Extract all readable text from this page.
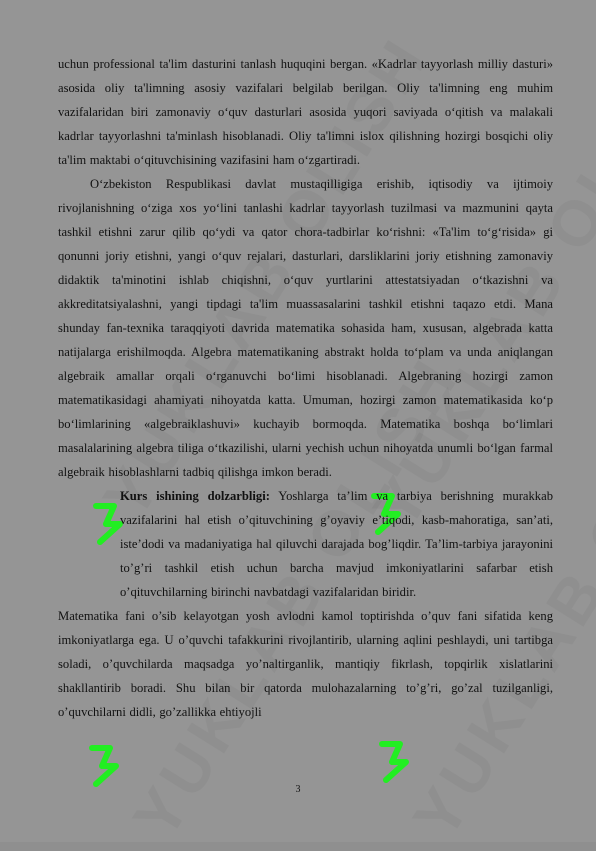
uchun professional ta'lim dasturini tanlash huquqini bergan. «Kadrlar tayyorlash milliy dasturi» asosida oliy ta'limning asosiy vazifalari belgilab berilgan. Oliy ta'limning eng muhim vazifalaridan biri zamonaviy o‘quv dasturlari asosida yuqori saviyada o‘qitish va malakali kadrlar tayyorlashni ta'minlash hisoblanadi. Oliy ta'limni islox qilishning hozirgi bosqichi oliy ta'lim maktabi o‘qituvchisining vazifasini ham o‘zgartiradi.

O‘zbekiston Respublikasi davlat mustaqilligiga erishib, iqtisodiy va ijtimoiy rivojlanishning o‘ziga xos yo‘lini tanlashi kadrlar tayyorlash tuzilmasi va mazmunini qayta tashkil etishni zarur qilib qo‘ydi va qator chora-tadbirlar ko‘rishni: «Ta'lim to‘g‘risida» gi qonunni joriy etishni, yangi o‘quv rejalari, dasturlari, darsliklarini joriy etishning zamonaviy didaktik ta'minotini ishlab chiqishni, o‘quv yurtlarini attestatsiyadan o‘tkazishni va akkreditatsiyalashni, yangi tipdagi ta'lim muassasalarini tashkil etishni taqazo etdi. Mana shunday fan-texnika taraqqiyoti davrida matematika sohasida ham, xususan, algebrada katta natijalarga erishilmoqda. Algebra matematikaning abstrakt holda to‘plam va unda aniqlangan algebraik amallar orqali o‘rganuvchi bo‘limi hisoblanadi. Algebraning hozirgi zamon matematikasidagi ahamiyati nihoyatda katta. Umuman, hozirgi zamon matematikasida ko‘p bo‘limlarining «algebraiklashuvi» kuchayib bormoqda. Matematika boshqa bo‘limlari masalalarining algebra tiliga o‘tkazilishi, ularni yechish uchun nihoyatda unumli bo‘lgan farmal algebraik hisoblashlarni tadbiq qilishga imkon beradi.

Kurs ishining dolzarbligi: Yoshlarga ta’lim va tarbiya berishning murakkab vazifalarini hal etish o’qituvchining g’oyaviy e’tiqodi, kasb-mahoratiga, san’ati, iste’dodi va madaniyatiga hal qiluvchi darajada bog’liqdir. Ta’lim-tarbiya jarayonini to’g’ri tashkil etish uchun barcha mavjud imkoniyatlarini safarbar etish o’qituvchilarning birinchi navbatdagi vazifalaridan biridir.

Matematika fani o’sib kelayotgan yosh avlodni kamol toptirishda o’quv fani sifatida keng imkoniyatlarga ega. U o’quvchi tafakkurini rivojlantirib, ularning aqlini peshlaydi, uni tartibga soladi, o’quvchilarda maqsadga yo’naltirganlik, mantiqiy fikrlash, topqirlik xislatlarini shakllantirib boradi. Shu bilan bir qatorda mulohazalarning to’g’ri, go’zal tuzilganligi, o’quvchilarni didli, go’zallikka ehtiyojli

3
